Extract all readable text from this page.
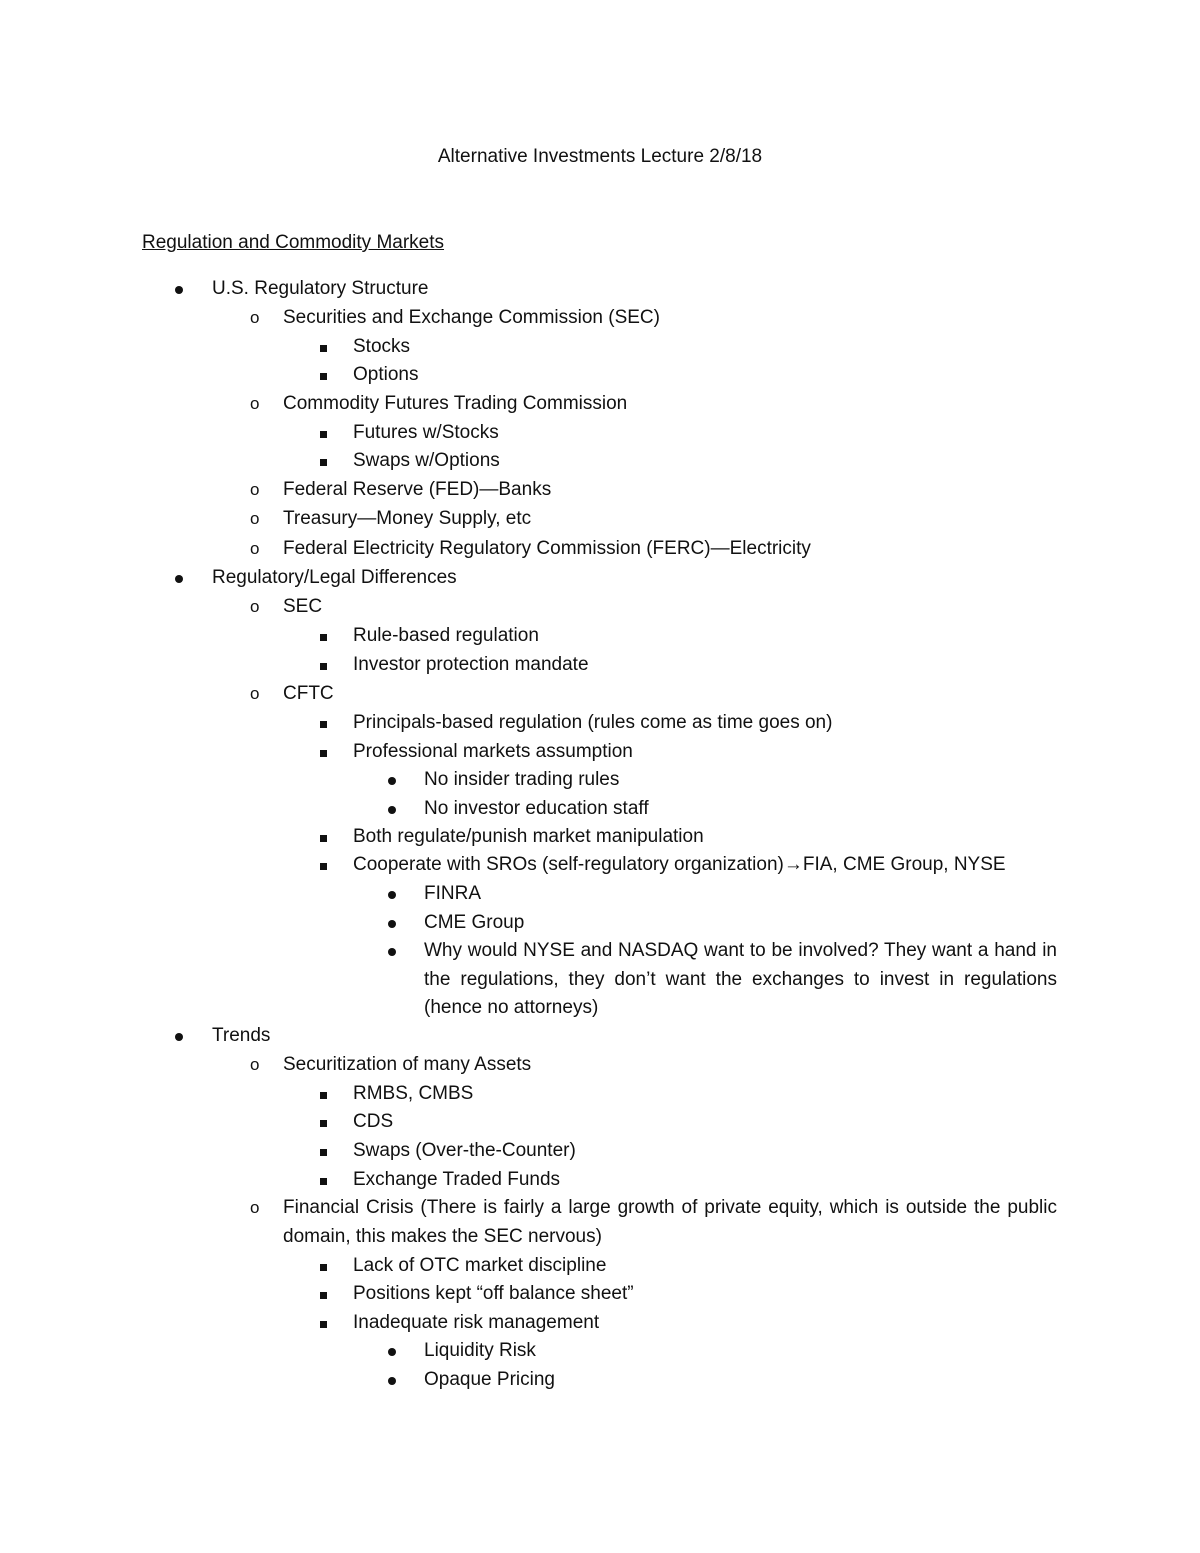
Alternative Investments Lecture 2/8/18
Regulation and Commodity Markets
U.S. Regulatory Structure
o Securities and Exchange Commission (SEC)
Stocks
Options
o Commodity Futures Trading Commission
Futures w/Stocks
Swaps w/Options
o Federal Reserve (FED)—Banks
o Treasury—Money Supply, etc
o Federal Electricity Regulatory Commission (FERC)—Electricity
Regulatory/Legal Differences
o SEC
Rule-based regulation
Investor protection mandate
o CFTC
Principals-based regulation (rules come as time goes on)
Professional markets assumption
No insider trading rules
No investor education staff
Both regulate/punish market manipulation
Cooperate with SROs (self-regulatory organization)→FIA, CME Group, NYSE
FINRA
CME Group
Why would NYSE and NASDAQ want to be involved? They want a hand in the regulations, they don’t want the exchanges to invest in regulations (hence no attorneys)
Trends
o Securitization of many Assets
RMBS, CMBS
CDS
Swaps (Over-the-Counter)
Exchange Traded Funds
o Financial Crisis (There is fairly a large growth of private equity, which is outside the public domain, this makes the SEC nervous)
Lack of OTC market discipline
Positions kept “off balance sheet”
Inadequate risk management
Liquidity Risk
Opaque Pricing
